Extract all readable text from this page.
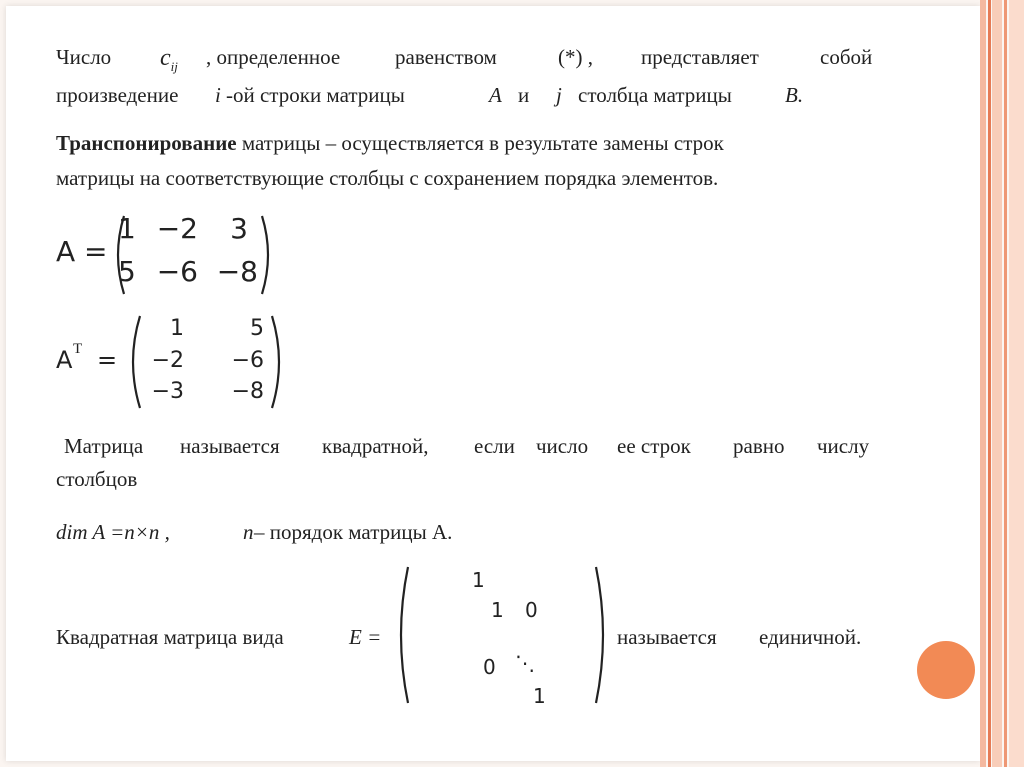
Число $c_{ij}$ , определенное	равенством	(*) , представляет	собой
произведение i -ой строки матрицы	A и j столбца матрицы	B.
Транспонирование матрицы – осуществляется в результате замены строк
матрицы на соответствующие столбцы с сохранением порядка элементов.
A =
1 −2	3
5 −6 −8
A T =
1	5
−2	−6
−3	−8
Матрица называется квадратной, если число ее строк равно числу
столбцов
dim A =n×n ,	n – порядок матрицы А.
Квадратная матрица вида	E =
1
1 0
0 ⋱
1
называется единичной.
